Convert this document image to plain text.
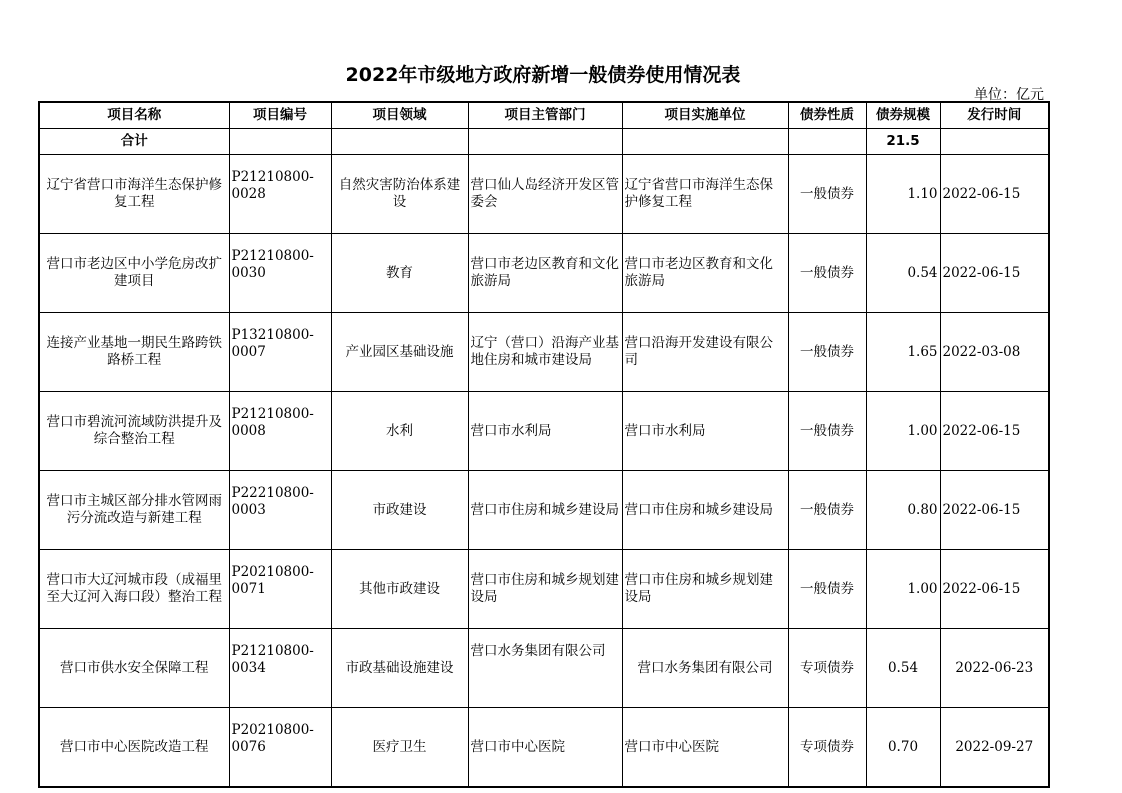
2022年市级地方政府新增一般债券使用情况表
单位：亿元
项目名称	项目编号	项目领域	项目主管部门	项目实施单位	债券性质	债券规模	发行时间
合计						21.5	
辽宁省营口市海洋生态保护修复工程	P21210800-0028	自然灾害防治体系建设	营口仙人岛经济开发区管委会	辽宁省营口市海洋生态保护修复工程	一般债券	1.10	2022-06-15
营口市老边区中小学危房改扩建项目	P21210800-0030	教育	营口市老边区教育和文化旅游局	营口市老边区教育和文化旅游局	一般债券	0.54	2022-06-15
连接产业基地一期民生路跨铁路桥工程	P13210800-0007	产业园区基础设施	辽宁（营口）沿海产业基地住房和城市建设局	营口沿海开发建设有限公司	一般债券	1.65	2022-03-08
营口市碧流河流域防洪提升及综合整治工程	P21210800-0008	水利	营口市水利局	营口市水利局	一般债券	1.00	2022-06-15
营口市主城区部分排水管网雨污分流改造与新建工程	P22210800-0003	市政建设	营口市住房和城乡建设局	营口市住房和城乡建设局	一般债券	0.80	2022-06-15
营口市大辽河城市段（成福里至大辽河入海口段）整治工程	P20210800-0071	其他市政建设	营口市住房和城乡规划建设局	营口市住房和城乡规划建设局	一般债券	1.00	2022-06-15
营口市供水安全保障工程	P21210800-0034	市政基础设施建设	营口水务集团有限公司	营口水务集团有限公司	专项债券	0.54	2022-06-23
营口市中心医院改造工程	P20210800-0076	医疗卫生	营口市中心医院	营口市中心医院	专项债券	0.70	2022-09-27
